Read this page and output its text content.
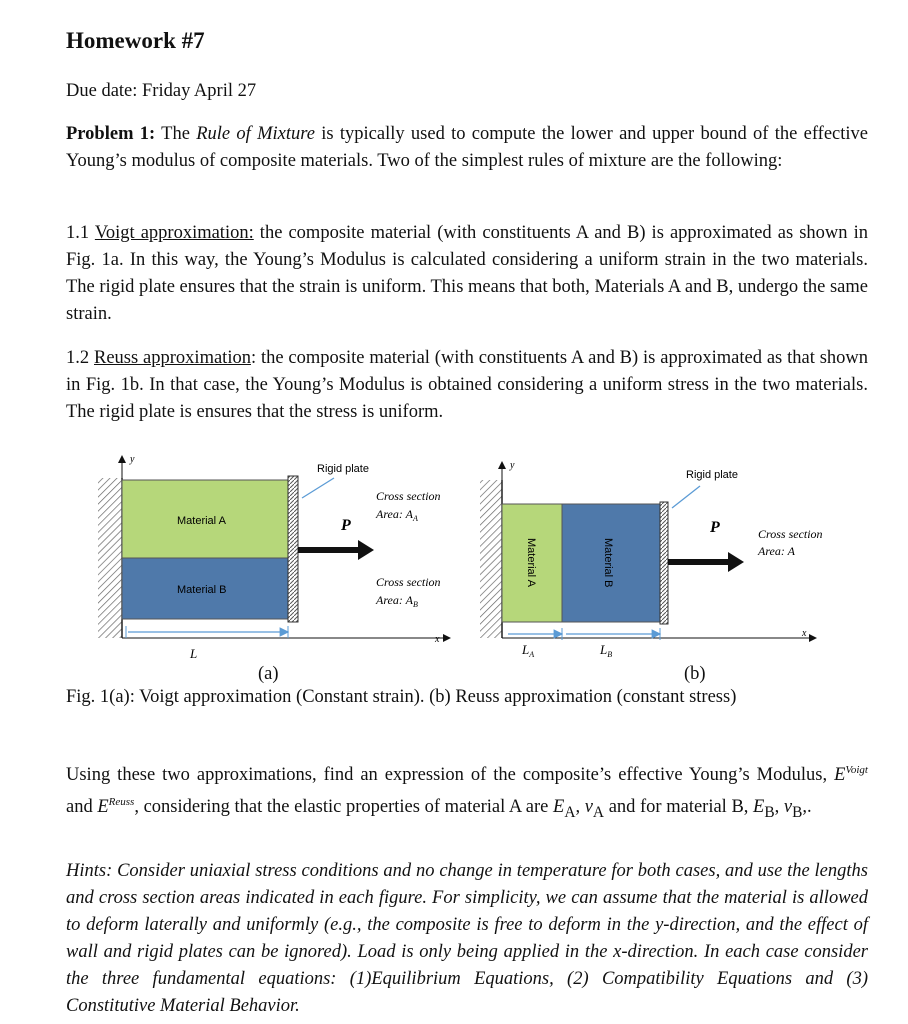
Homework #7

Due date: Friday April 27

Problem 1: The Rule of Mixture is typically used to compute the lower and upper bound of the effective Young’s modulus of composite materials. Two of the simplest rules of mixture are the following:

1.1 Voigt approximation: the composite material (with constituents A and B) is approximated as shown in Fig. 1a. In this way, the Young’s Modulus is calculated considering a uniform strain in the two materials. The rigid plate ensures that the strain is uniform. This means that both, Materials A and B, undergo the same strain.

1.2 Reuss approximation: the composite material (with constituents A and B) is approximated as that shown in Fig. 1b. In that case, the Young’s Modulus is obtained considering a uniform stress in the two materials. The rigid plate is ensures that the stress is uniform.

y
Material A
Material B
Rigid plate
P
Cross section
Area: $A_A$
Cross section
Area: $A_B$
x
L
y
Material A	Material B
Rigid plate
P	Cross section
Area: A
x
$L_A$	$L_B$
(a)	(b)
Fig. 1(a): Voigt approximation (Constant strain). (b) Reuss approximation (constant stress)

Using these two approximations, find an expression of the composite’s effective Young’s Modulus, $E^{Voigt}$ and $E^{Reuss}$, considering that the elastic properties of material A are $E_A$, $\nu_A$ and for material B, $E_B$, $\nu_B$,.

Hints: Consider uniaxial stress conditions and no change in temperature for both cases, and use the lengths and cross section areas indicated in each figure. For simplicity, we can assume that the material is allowed to deform laterally and uniformly (e.g., the composite is free to deform in the y-direction, and the effect of wall and rigid plates can be ignored). Load is only being applied in the x-direction. In each case consider the three fundamental equations: (1)Equilibrium Equations, (2) Compatibility Equations and (3) Constitutive Material Behavior.
